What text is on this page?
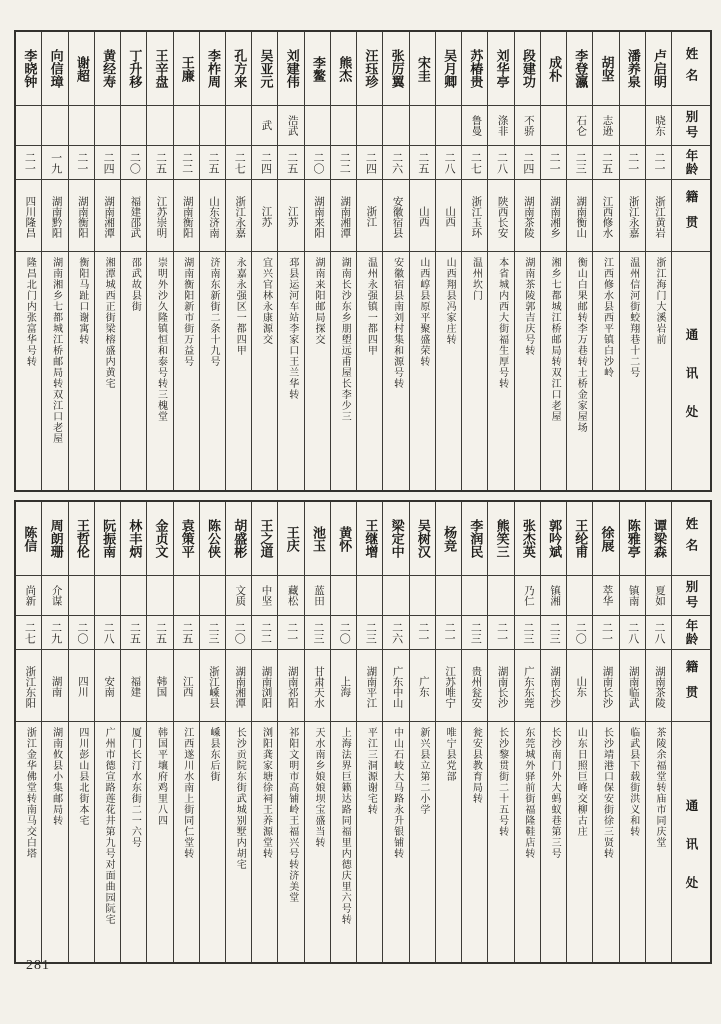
姓名
别号
年龄
籍贯
通讯处
卢启明
晓东
二一
浙江黄岩
浙江海门大溪岩前
潘养泉
二一
浙江永嘉
温州信河街蛟翔巷十二号
胡坚
志逊
二五
江西修水
江西修水县西平镇白沙岭
李登瀛
石仑
二三
湖南衡山
衡山白果邮转李万巷转土桥金家屋场
成朴
二一
湖南湘乡
湘乡七都城江桥邮局转双江口老屋
段建功
不骄
二四
湖南茶陵
湖南茶陵郭吉庆号转
刘华亭
涤非
二八
陕西长安
本省城内西大街福生厚号转
苏椿贵
鲁曼
二七
浙江玉环
温州坎门
吴月卿
二八
山西
山西翔县冯家庄转
宋圭
二五
山西
山西崞县原平聚盛荣转
张厉翼
二六
安徽宿县
安徽宿县南刘村集和源号转
汪珏珍
二四
浙江
温州永强镇一都四甲
熊杰
二二
湖南湘潭
湖南长沙东乡朋塱远甫屋长李少三
李鳌
二〇
湖南来阳
湖南来阳邮局探交
刘建伟
浩武
二五
江苏
邳县运河车站李家口王兰华转
吴亚元
武
二四
江苏
宜兴官林永康源交
孔方来
二七
浙江永嘉
永嘉永强区一都四甲
李柞周
二五
山东济南
济南东新街二条十九号
王廉
二二
湖南衡阳
湖南衡阳新市街万益号
王辛盘
二五
江苏崇明
崇明外沙久隆镇恒和泰号转三槐堂
丁升移
二〇
福建邵武
邵武故县街
黄经寿
二四
湖南湘潭
湘潭城西正街梁榕盛内黄宅
谢超
二一
湖南衡阳
衡阳马趾口谢寓转
向信璋
一九
湖南黔阳
湖南湘乡七都城江桥邮局转双江口老屋
李晓钟
二一
四川隆昌
隆昌北门内张富华号转
姓名
别号
年龄
籍贯
通讯处
谭梁森
夏如
二八
湖南茶陵
茶陵余福堂转庙市同庆堂
陈雅亭
镇南
二八
湖南临武
临武县下载街洪义和转
徐展
萃华
二一
湖南长沙
长沙靖港口保安街徐三贤转
王纶甫
二〇
山东
山东日照巨峰交柳古庄
郭吟斌
镇湘
二三
湖南长沙
长沙南门外大蚂蚁巷第三号
张杰英
乃仁
二三
广东东莞
东莞城外驿前街福隆鞋店转
熊笑三
二一
湖南长沙
长沙黎贯街二十五号转
李润民
二三
贵州瓮安
瓮安县教育局转
杨竞
二一
江苏唯宁
唯宁县党部
吴树汉
二一
广东
新兴县立第二小学
梁定中
二六
广东中山
中山石岐大马路永升银铺转
王继增
二三
湖南平江
平江三洞源谢宅转
黄怀
二〇
上海
上海法界巨籁达路同福里内德庆里六号转
池玉
蓝田
二三
甘肃天水
天水南乡娘娘坝宝盛当转
王庆
藏松
二一
湖南祁阳
祁阳文明市高铺岭王福兴号转济美堂
王之道
中坚
二二
湖南浏阳
浏阳龚家塘徐祠王养源堂转
胡盛彬
文质
二〇
湖南湘潭
长沙贡院东街武城别墅内胡宅
陈公侠
二三
浙江嵊县
嵊县东后街
袁策平
二五
江西
江西遂川水南上街同仁堂转
金贞文
二五
韩国
韩国平壤府鸡里八四
林丰炳
二五
福建
厦门长汀水东街二一六号
阮振南
二八
安南
广州市德宣路莲花井第九号对面曲园阮宅
王哲伦
二〇
四川
四川彭山县北街本宅
周朗珊
介谋
二九
湖南
湖南攸县小集邮局转
陈信
尚新
二七
浙江东阳
浙江金华佛堂转南马交白塔
281
